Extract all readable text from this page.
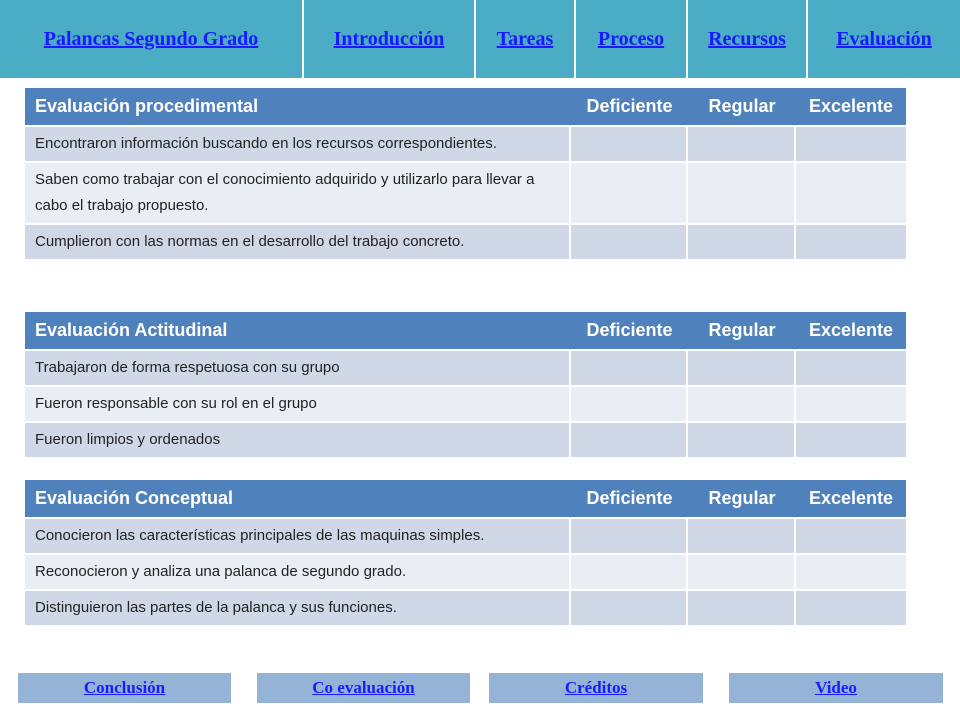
Palancas Segundo Grado	Introducción	Tareas Proceso Recursos	Evaluación
Evaluación procedimental	Deficiente	Regular	Excelente
Encontraron información buscando en los recursos correspondientes.			
Saben como trabajar con el conocimiento adquirido y utilizarlo para llevar a cabo el trabajo propuesto.			
Cumplieron con las normas en el desarrollo del trabajo concreto.			
Evaluación Actitudinal	Deficiente	Regular	Excelente
Trabajaron de forma respetuosa con su grupo			
Fueron responsable con su rol en el grupo			
Fueron limpios y ordenados			
Evaluación Conceptual	Deficiente	Regular	Excelente
Conocieron las características principales de las maquinas simples.			
Reconocieron y analiza una palanca de segundo grado.			
Distinguieron las partes de la palanca y sus funciones.			
Conclusión	Co evaluación	Créditos	Video
